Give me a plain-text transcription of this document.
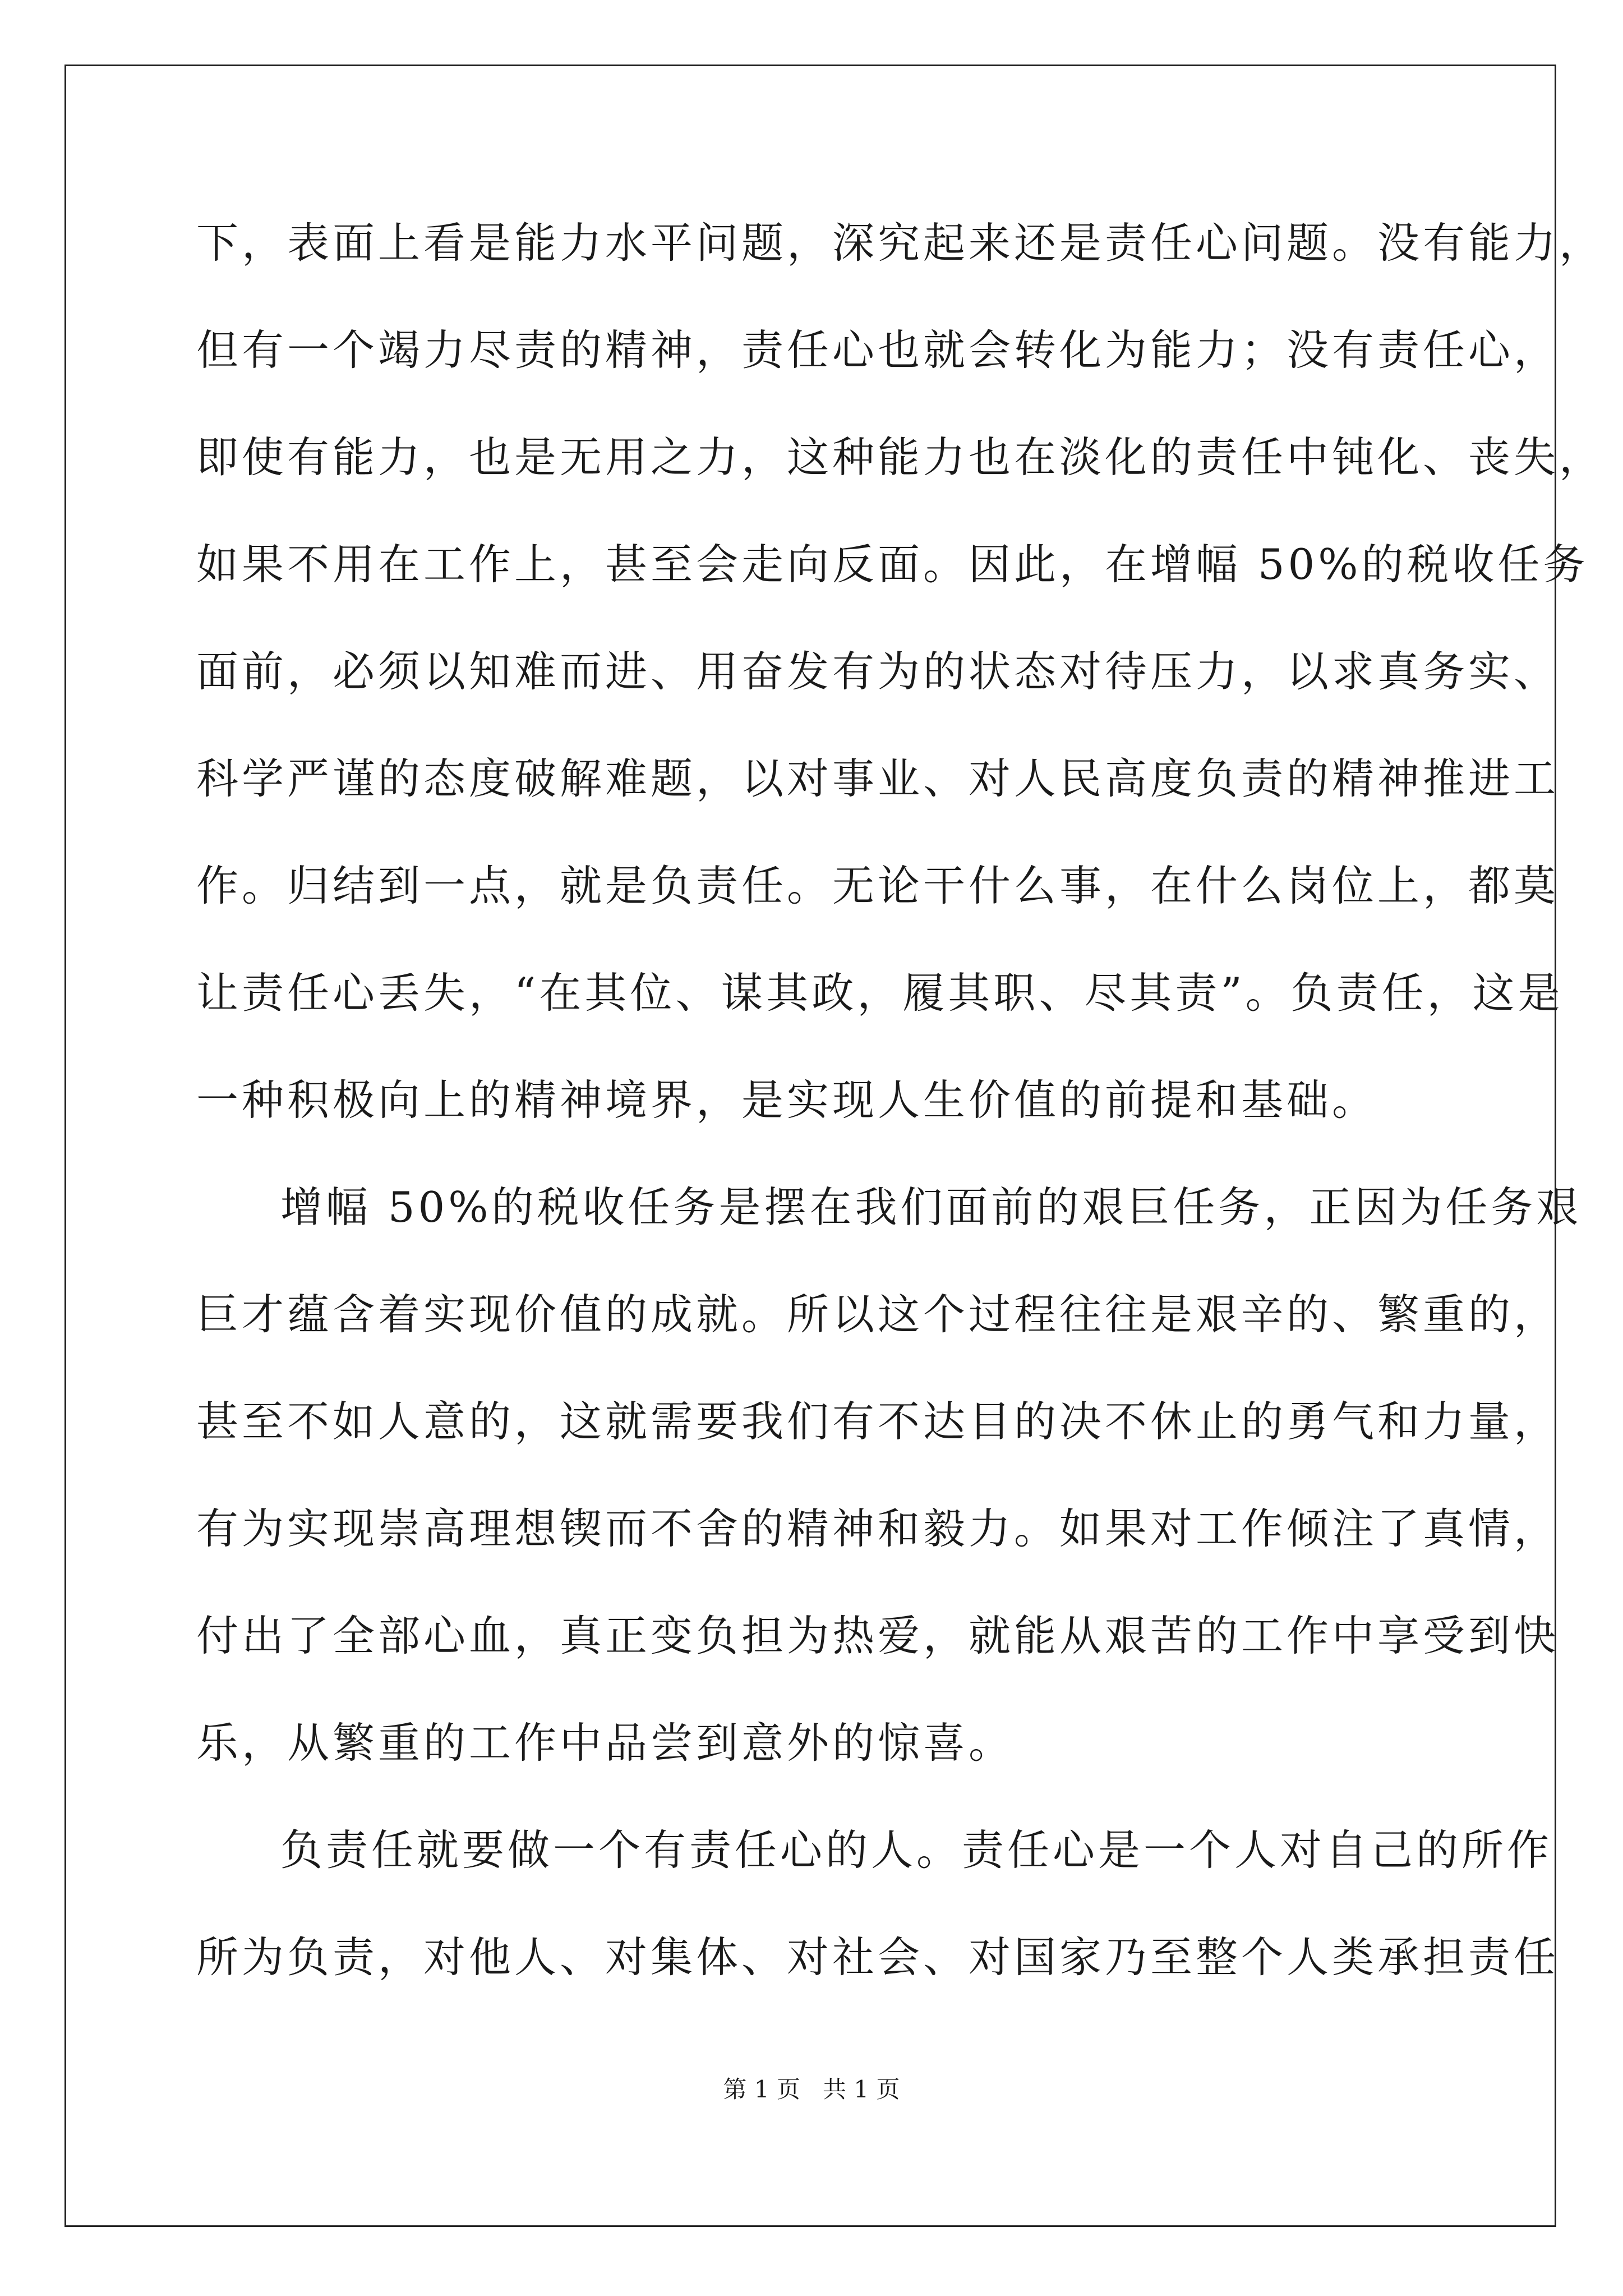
下，表面上看是能力水平问题，深究起来还是责任心问题。没有能力，
但有一个竭力尽责的精神，责任心也就会转化为能力；没有责任心，
即使有能力，也是无用之力，这种能力也在淡化的责任中钝化、丧失，
如果不用在工作上，甚至会走向反面。因此，在增幅 50%的税收任务
面前，必须以知难而进、用奋发有为的状态对待压力，以求真务实、
科学严谨的态度破解难题，以对事业、对人民高度负责的精神推进工
作。归结到一点，就是负责任。无论干什么事，在什么岗位上，都莫
让责任心丢失，“在其位、谋其政，履其职、尽其责”。负责任，这是
一种积极向上的精神境界，是实现人生价值的前提和基础。
增幅 50%的税收任务是摆在我们面前的艰巨任务，正因为任务艰
巨才蕴含着实现价值的成就。所以这个过程往往是艰辛的、繁重的，
甚至不如人意的，这就需要我们有不达目的决不休止的勇气和力量，
有为实现崇高理想锲而不舍的精神和毅力。如果对工作倾注了真情，
付出了全部心血，真正变负担为热爱，就能从艰苦的工作中享受到快
乐，从繁重的工作中品尝到意外的惊喜。
负责任就要做一个有责任心的人。责任心是一个人对自己的所作
所为负责，对他人、对集体、对社会、对国家乃至整个人类承担责任
第 1 页   共 1 页
